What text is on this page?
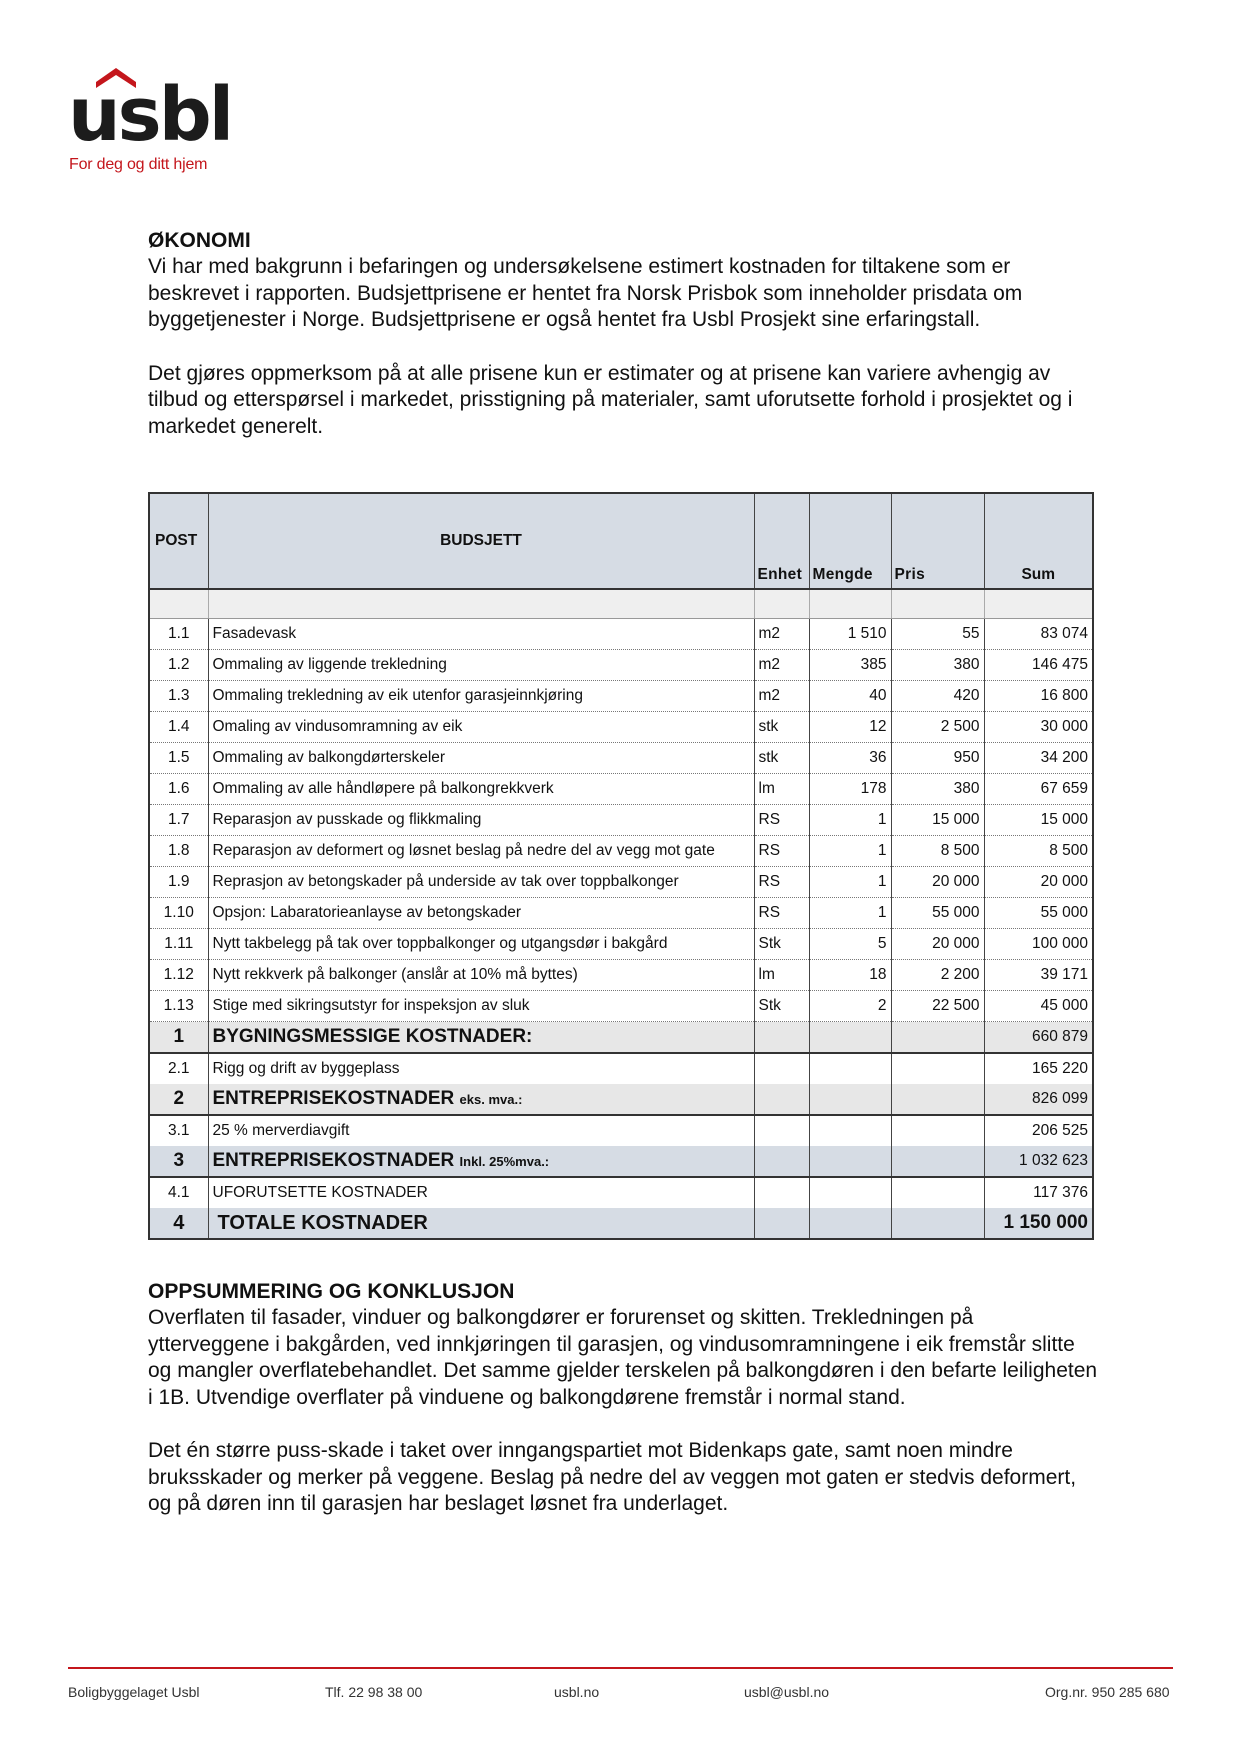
usbl
For deg og ditt hjem
ØKONOMI

Vi har med bakgrunn i befaringen og undersøkelsene estimert kostnaden for tiltakene som er beskrevet i rapporten. Budsjettprisene er hentet fra Norsk Prisbok som inneholder prisdata om byggetjenester i Norge. Budsjettprisene er også hentet fra Usbl Prosjekt sine erfaringstall.

Det gjøres oppmerksom på at alle prisene kun er estimater og at prisene kan variere avhengig av tilbud og etterspørsel i markedet, prisstigning på materialer, samt uforutsette forhold i prosjektet og i markedet generelt.

POST	BUDSJETT	Enhet	Mengde	Pris	Sum

1.1	Fasadevask	m2	1 510	55	83 074
1.2	Ommaling av liggende trekledning	m2	385	380	146 475
1.3	Ommaling trekledning av eik utenfor garasjeinnkjøring	m2	40	420	16 800
1.4	Omaling av vindusomramning av eik	stk	12	2 500	30 000
1.5	Ommaling av balkongdørterskeler	stk	36	950	34 200
1.6	Ommaling av alle håndløpere på balkongrekkverk	lm	178	380	67 659
1.7	Reparasjon av pusskade og flikkmaling	RS	1	15 000	15 000
1.8	Reparasjon av deformert og løsnet beslag på nedre del av vegg mot gate	RS	1	8 500	8 500
1.9	Reprasjon av betongskader på underside av tak over toppbalkonger	RS	1	20 000	20 000
1.10	Opsjon: Labaratorieanlayse av betongskader	RS	1	55 000	55 000
1.11	Nytt takbelegg på tak over toppbalkonger og utgangsdør i bakgård	Stk	5	20 000	100 000
1.12	Nytt rekkverk på balkonger (anslår at 10% må byttes)	lm	18	2 200	39 171
1.13	Stige med sikringsutstyr for inspeksjon av sluk	Stk	2	22 500	45 000
1	BYGNINGSMESSIGE KOSTNADER:				660 879
2.1	Rigg og drift av byggeplass				165 220
2	ENTREPRISEKOSTNADER eks. mva.:				826 099
3.1	25 % merverdiavgift				206 525
3	ENTREPRISEKOSTNADER Inkl. 25%mva.:				1 032 623
4.1	UFORUTSETTE KOSTNADER				117 376
4	TOTALE KOSTNADER				1 150 000
OPPSUMMERING OG KONKLUSJON

Overflaten til fasader, vinduer og balkongdører er forurenset og skitten. Trekledningen på ytterveggene i bakgården, ved innkjøringen til garasjen, og vindusomramningene i eik fremstår slitte og mangler overflatebehandlet. Det samme gjelder terskelen på balkongdøren i den befarte leiligheten i 1B. Utvendige overflater på vinduene og balkongdørene fremstår i normal stand.

Det én større puss-skade i taket over inngangspartiet mot Bidenkaps gate, samt noen mindre bruksskader og merker på veggene. Beslag på nedre del av veggen mot gaten er stedvis deformert, og på døren inn til garasjen har beslaget løsnet fra underlaget.

Boligbyggelaget Usbl	Tlf. 22 98 38 00	usbl.no	usbl@usbl.no	Org.nr. 950 285 680
